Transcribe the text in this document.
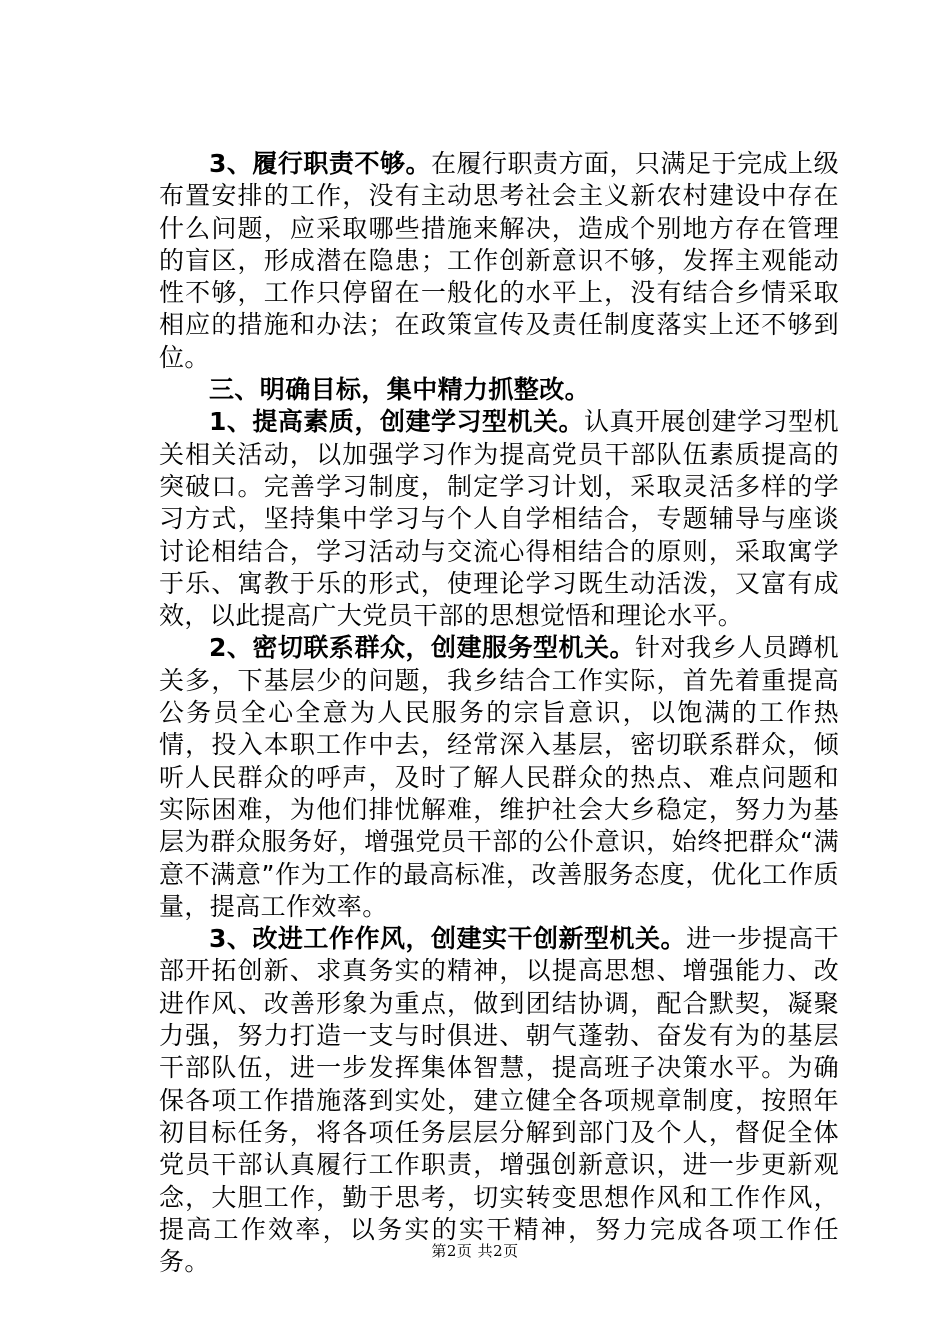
3、履行职责不够。在履行职责方面，只满足于完成上级布置安排的工作，没有主动思考社会主义新农村建设中存在什么问题，应采取哪些措施来解决，造成个别地方存在管理的盲区，形成潜在隐患；工作创新意识不够，发挥主观能动性不够，工作只停留在一般化的水平上，没有结合乡情采取相应的措施和办法；在政策宣传及责任制度落实上还不够到位。

三、明确目标，集中精力抓整改。

1、提高素质，创建学习型机关。认真开展创建学习型机关相关活动，以加强学习作为提高党员干部队伍素质提高的突破口。完善学习制度，制定学习计划，采取灵活多样的学习方式，坚持集中学习与个人自学相结合，专题辅导与座谈讨论相结合，学习活动与交流心得相结合的原则，采取寓学于乐、寓教于乐的形式，使理论学习既生动活泼，又富有成效，以此提高广大党员干部的思想觉悟和理论水平。

2、密切联系群众，创建服务型机关。针对我乡人员蹲机关多，下基层少的问题，我乡结合工作实际，首先着重提高公务员全心全意为人民服务的宗旨意识，以饱满的工作热情，投入本职工作中去，经常深入基层，密切联系群众，倾听人民群众的呼声，及时了解人民群众的热点、难点问题和实际困难，为他们排忧解难，维护社会大乡稳定，努力为基层为群众服务好，增强党员干部的公仆意识，始终把群众“满意不满意”作为工作的最高标准，改善服务态度，优化工作质量，提高工作效率。

3、改进工作作风，创建实干创新型机关。进一步提高干部开拓创新、求真务实的精神，以提高思想、增强能力、改进作风、改善形象为重点，做到团结协调，配合默契，凝聚力强，努力打造一支与时俱进、朝气蓬勃、奋发有为的基层干部队伍，进一步发挥集体智慧，提高班子决策水平。为确保各项工作措施落到实处，建立健全各项规章制度，按照年初目标任务，将各项任务层层分解到部门及个人，督促全体党员干部认真履行工作职责，增强创新意识，进一步更新观念，大胆工作，勤于思考，切实转变思想作风和工作作风，提高工作效率，以务实的实干精神，努力完成各项工作任务。	第2页 共2页
